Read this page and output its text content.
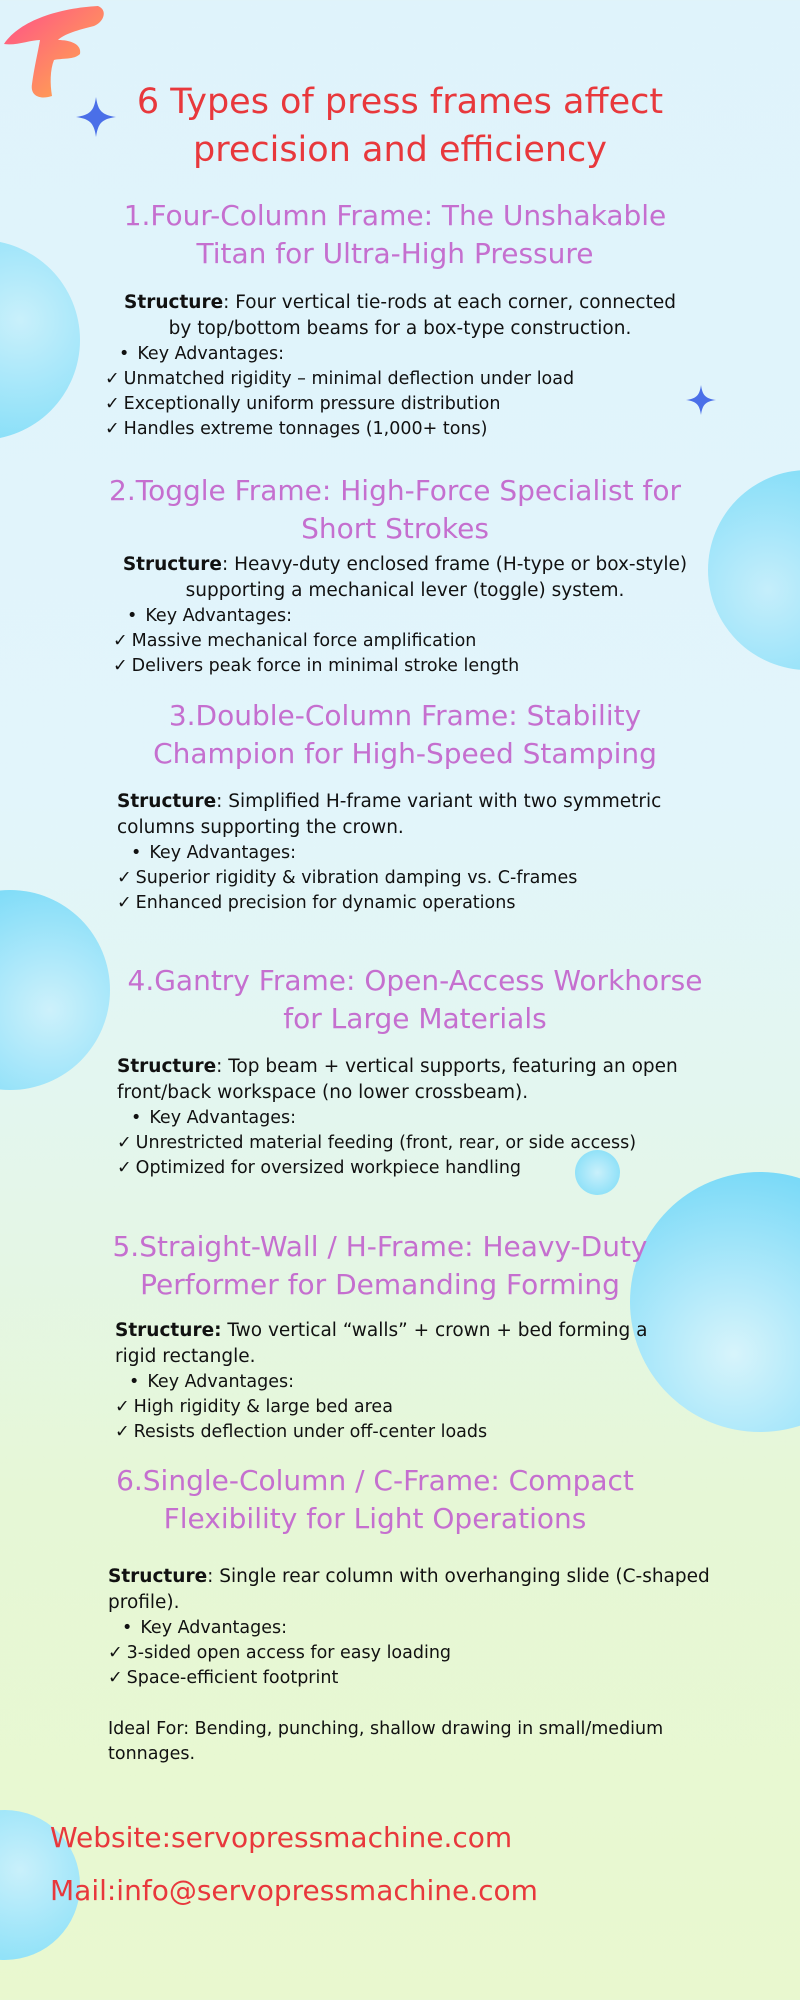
6 Types of press frames affect precision and efficiency
1.Four-Column Frame: The Unshakable Titan for Ultra-High Pressure
Structure: Four vertical tie-rods at each corner, connected by top/bottom beams for a box-type construction.
• Key Advantages:
✓ Unmatched rigidity – minimal deflection under load
✓ Exceptionally uniform pressure distribution
✓ Handles extreme tonnages (1,000+ tons)
2.Toggle Frame: High-Force Specialist for Short Strokes
Structure: Heavy-duty enclosed frame (H-type or box-style) supporting a mechanical lever (toggle) system.
• Key Advantages:
✓ Massive mechanical force amplification
✓ Delivers peak force in minimal stroke length
3.Double-Column Frame: Stability Champion for High-Speed Stamping
Structure: Simplified H-frame variant with two symmetric columns supporting the crown.
• Key Advantages:
✓ Superior rigidity & vibration damping vs. C-frames
✓ Enhanced precision for dynamic operations
4.Gantry Frame: Open-Access Workhorse for Large Materials
Structure: Top beam + vertical supports, featuring an open front/back workspace (no lower crossbeam).
• Key Advantages:
✓ Unrestricted material feeding (front, rear, or side access)
✓ Optimized for oversized workpiece handling
5.Straight-Wall / H-Frame: Heavy-Duty Performer for Demanding Forming
Structure: Two vertical “walls” + crown + bed forming a rigid rectangle.
• Key Advantages:
✓ High rigidity & large bed area
✓ Resists deflection under off-center loads
6.Single-Column / C-Frame: Compact Flexibility for Light Operations
Structure: Single rear column with overhanging slide (C-shaped profile).
• Key Advantages:
✓ 3-sided open access for easy loading
✓ Space-efficient footprint
Ideal For: Bending, punching, shallow drawing in small/medium tonnages.

Website:servopressmachine.com

Mail:info@servopressmachine.com
